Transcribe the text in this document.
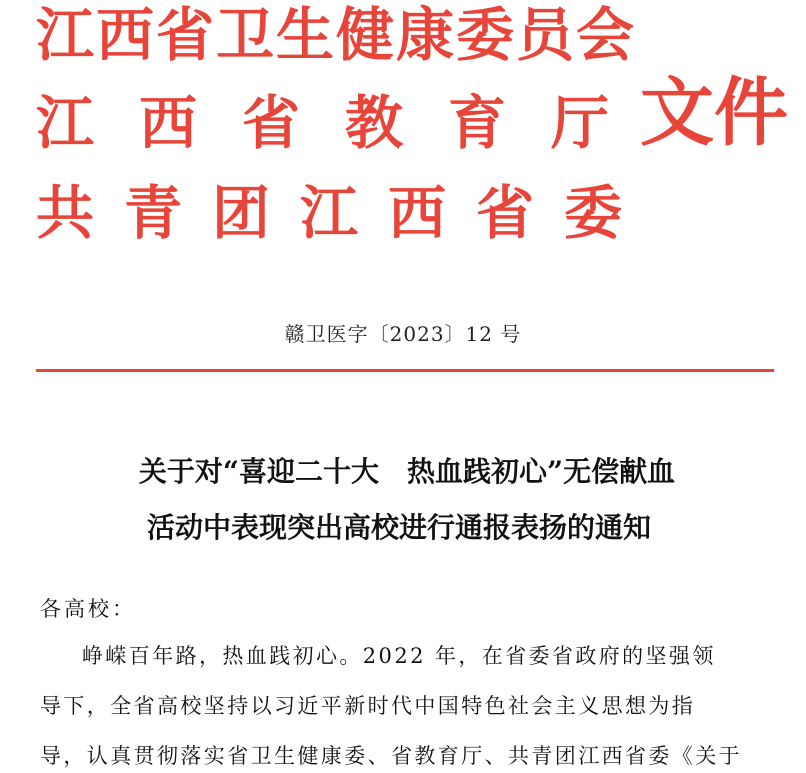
江西省卫生健康委员会
江西省教育厅
共青团江西省委
文件
赣卫医字〔2023〕12 号
关于对“喜迎二十大　热血践初心”无偿献血
活动中表现突出高校进行通报表扬的通知
各高校：
峥嵘百年路，热血践初心。2022 年，在省委省政府的坚强领
导下，全省高校坚持以习近平新时代中国特色社会主义思想为指
导，认真贯彻落实省卫生健康委、省教育厅、共青团江西省委《关于
